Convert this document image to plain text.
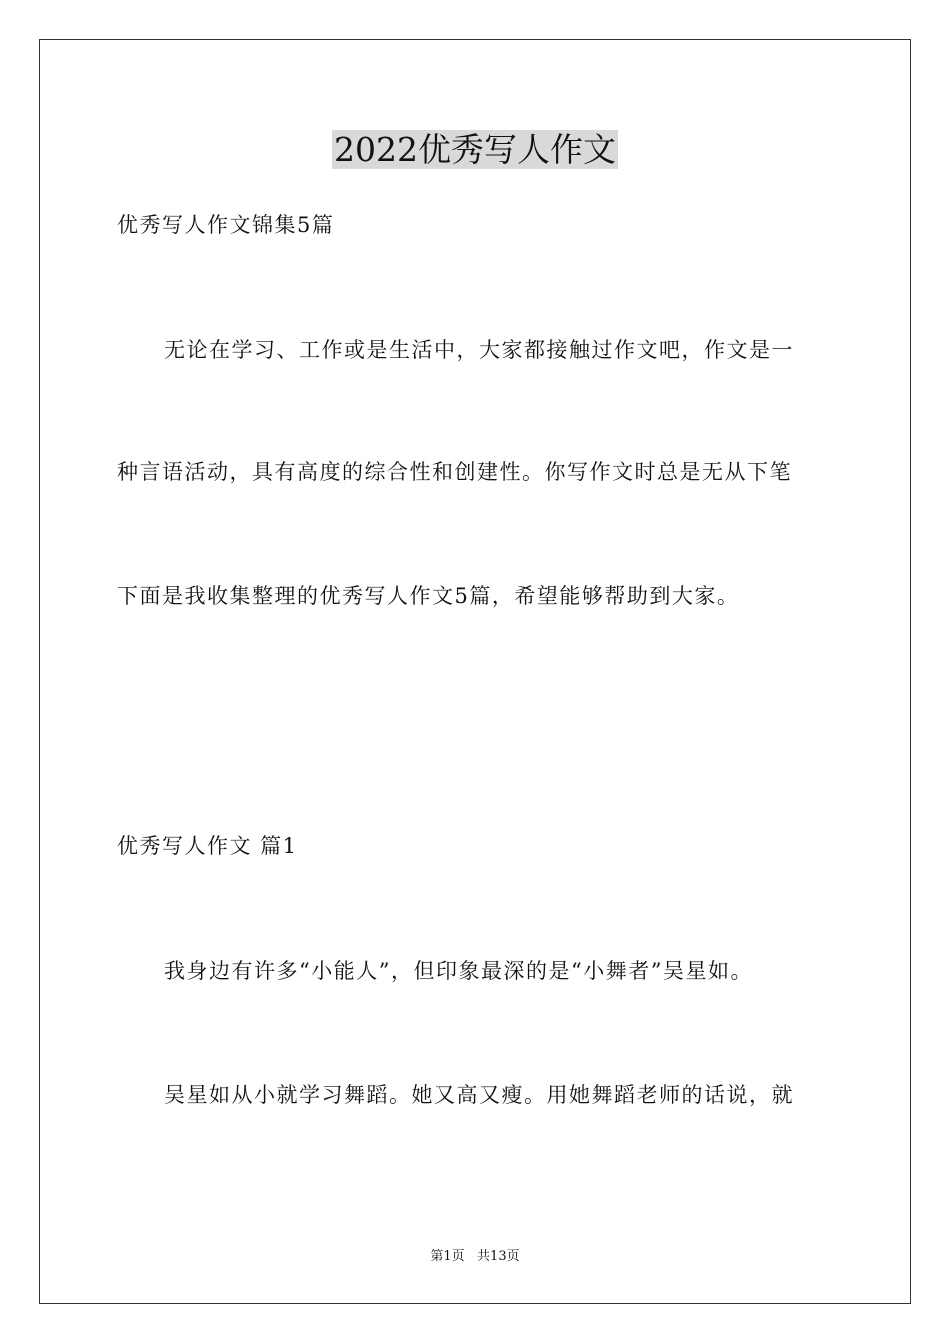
2022优秀写人作文
优秀写人作文锦集5篇
无论在学习、工作或是生活中，大家都接触过作文吧，作文是一
种言语活动，具有高度的综合性和创建性。你写作文时总是无从下笔
下面是我收集整理的优秀写人作文5篇，希望能够帮助到大家。
优秀写人作文 篇1
我身边有许多“小能人”，但印象最深的是“小舞者”吴星如。
吴星如从小就学习舞蹈。她又高又瘦。用她舞蹈老师的话说，就
第1页   共13页
